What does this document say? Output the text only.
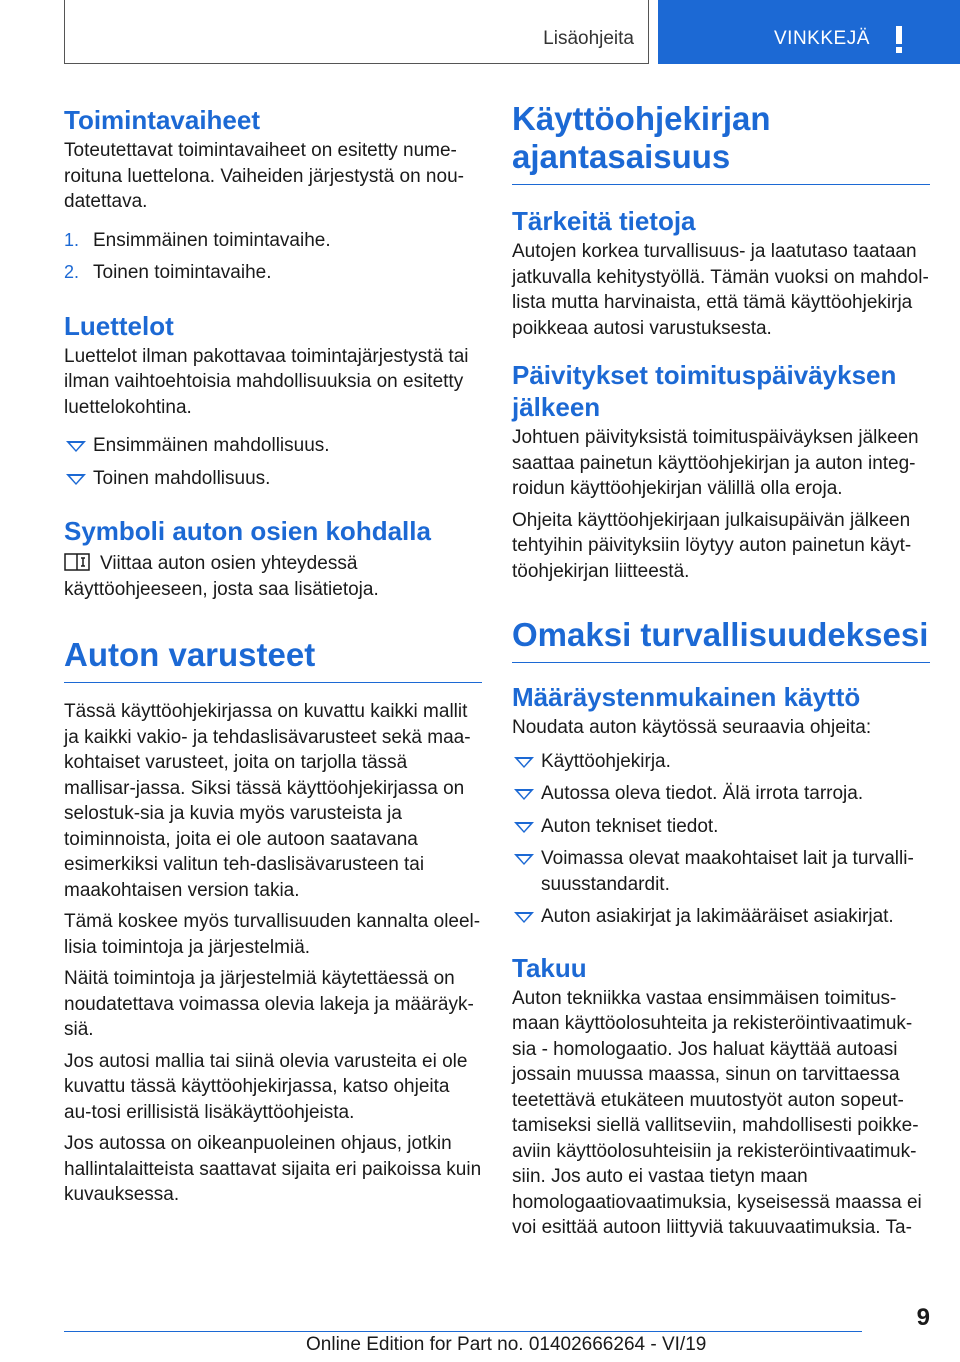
Lisäohjeita	VINKKEJÄ
Toimintavaiheet

Toteutettavat toimintavaiheet on esitetty nume-roituna luettelona. Vaiheiden järjestystä on nou-datettava.

1. Ensimmäinen toimintavaihe.
2. Toinen toimintavaihe.
Luettelot

Luettelot ilman pakottavaa toimintajärjestystä tai ilman vaihtoehtoisia mahdollisuuksia on esitetty luettelokohtina.

Ensimmäinen mahdollisuus.
Toinen mahdollisuus.
Symboli auton osien kohdalla

Viittaa auton osien yhteydessä käyttöohjeeseen, josta saa lisätietoja.

Auton varusteet

Tässä käyttöohjekirjassa on kuvattu kaikki mallit ja kaikki vakio- ja tehdaslisävarusteet sekä maa-kohtaiset varusteet, joita on tarjolla tässä mallisar-jassa. Siksi tässä käyttöohjekirjassa on selostuk-sia ja kuvia myös varusteista ja toiminnoista, joita ei ole autoon saatavana esimerkiksi valitun teh-daslisävarusteen tai maakohtaisen version takia.

Tämä koskee myös turvallisuuden kannalta oleel-lisia toimintoja ja järjestelmiä.

Näitä toimintoja ja järjestelmiä käytettäessä on noudatettava voimassa olevia lakeja ja määräyk-siä.

Jos autosi mallia tai siinä olevia varusteita ei ole kuvattu tässä käyttöohjekirjassa, katso ohjeita au-tosi erillisistä lisäkäyttöohjeista.

Jos autossa on oikeanpuoleinen ohjaus, jotkin hallintalaitteista saattavat sijaita eri paikoissa kuin kuvauksessa.

Käyttöohjekirjan ajantasaisuus
Tärkeitä tietoja

Autojen korkea turvallisuus- ja laatutaso taataan jatkuvalla kehitystyöllä. Tämän vuoksi on mahdol-lista mutta harvinaista, että tämä käyttöohjekirja poikkeaa autosi varustuksesta.

Päivitykset toimituspäiväyksen jälkeen

Johtuen päivityksistä toimituspäiväyksen jälkeen saattaa painetun käyttöohjekirjan ja auton integ-roidun käyttöohjekirjan välillä olla eroja.

Ohjeita käyttöohjekirjaan julkaisupäivän jälkeen tehtyihin päivityksiin löytyy auton painetun käyt-töohjekirjan liitteestä.

Omaksi turvallisuudeksesi
Määräystenmukainen käyttö

Noudata auton käytössä seuraavia ohjeita:

Käyttöohjekirja.
Autossa oleva tiedot. Älä irrota tarroja.
Auton tekniset tiedot.
Voimassa olevat maakohtaiset lait ja turvalli-suusstandardit.
Auton asiakirjat ja lakimääräiset asiakirjat.
Takuu

Auton tekniikka vastaa ensimmäisen toimitus-maan käyttöolosuhteita ja rekisteröintivaatimuk-sia - homologaatio. Jos haluat käyttää autoasi jossain muussa maassa, sinun on tarvittaessa teetettävä etukäteen muutostyöt auton sopeut-tamiseksi siellä vallitseviin, mahdollisesti poikke-aviin käyttöolosuhteisiin ja rekisteröintivaatimuk-siin. Jos auto ei vastaa tietyn maan homologaatiovaatimuksia, kyseisessä maassa ei voi esittää autoon liittyviä takuuvaatimuksia. Ta-

9
Online Edition for Part no. 01402666264 - VI/19
